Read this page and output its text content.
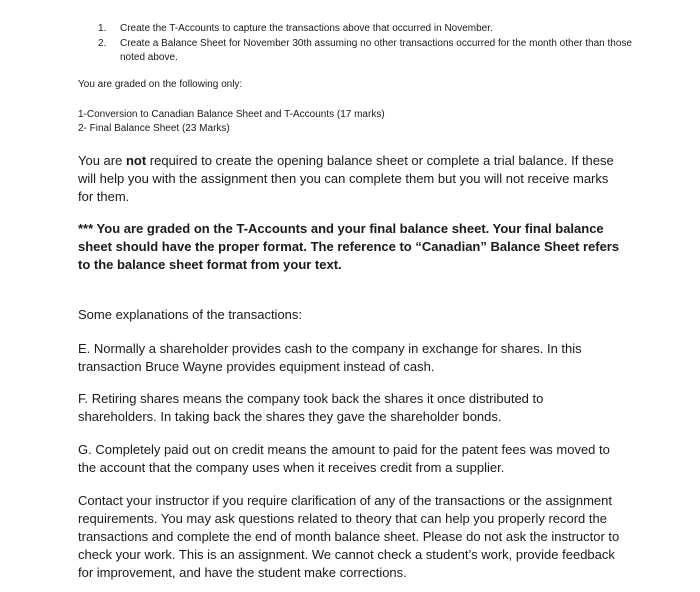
1. Create the T-Accounts to capture the transactions above that occurred in November.
2. Create a Balance Sheet for November 30th assuming no other transactions occurred for the month other than those noted above.

You are graded on the following only:

1-Conversion to Canadian Balance Sheet and T-Accounts (17 marks)

2- Final Balance Sheet (23 Marks)

You are not required to create the opening balance sheet or complete a trial balance. If these will help you with the assignment then you can complete them but you will not receive marks for them.

*** You are graded on the T-Accounts and your final balance sheet. Your final balance sheet should have the proper format. The reference to “Canadian” Balance Sheet refers to the balance sheet format from your text.

Some explanations of the transactions:

E. Normally a shareholder provides cash to the company in exchange for shares. In this transaction Bruce Wayne provides equipment instead of cash.

F. Retiring shares means the company took back the shares it once distributed to shareholders. In taking back the shares they gave the shareholder bonds.

G. Completely paid out on credit means the amount to paid for the patent fees was moved to the account that the company uses when it receives credit from a supplier.

Contact your instructor if you require clarification of any of the transactions or the assignment requirements. You may ask questions related to theory that can help you properly record the transactions and complete the end of month balance sheet. Please do not ask the instructor to check your work. This is an assignment. We cannot check a student’s work, provide feedback for improvement, and have the student make corrections.
